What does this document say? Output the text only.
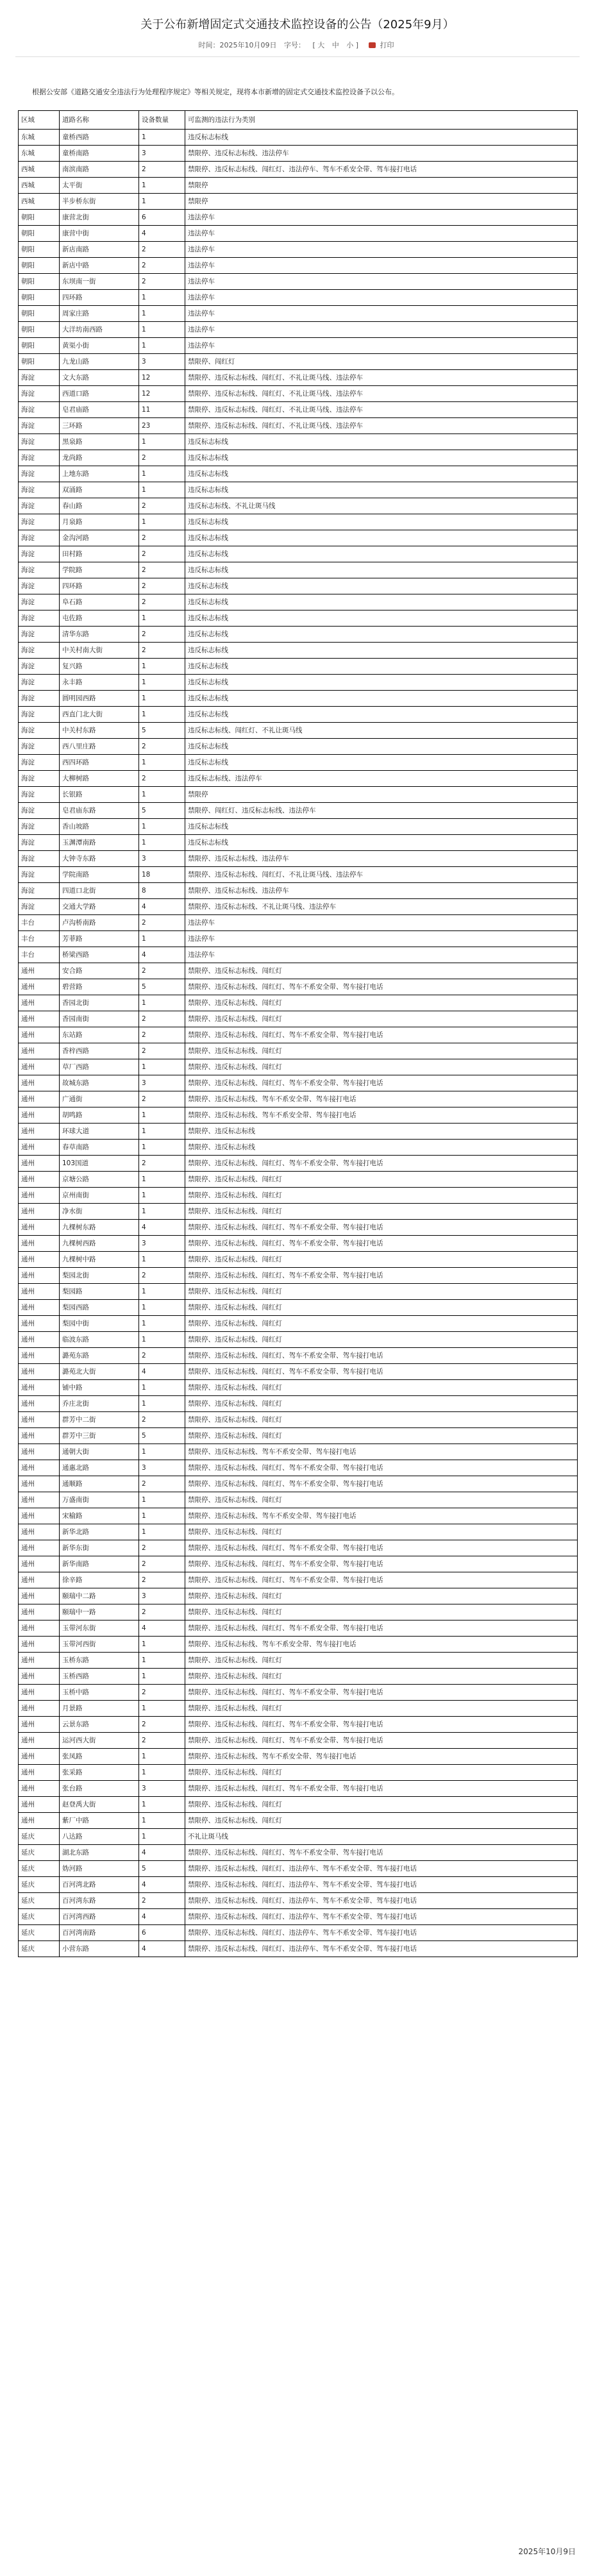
关于公布新增固定式交通技术监控设备的公告（2025年9月）
时间：2025年10月09日 字号： [ 大 中 小 ]	打印
根据公安部《道路交通安全违法行为处理程序规定》等相关规定，现将本市新增的固定式交通技术监控设备予以公布。
区域	道路名称	设备数量	可监测的违法行为类别
东城	童桥西路	1	违反标志标线
东城	童桥南路	3	禁限停、违反标志标线、违法停车
西城	南滨南路	2	禁限停、违反标志标线、闯红灯、违法停车、驾车不系安全带、驾车接打电话
西城	太平街	1	禁限停
西城	半步桥东街	1	禁限停
朝阳	康营北街	6	违法停车
朝阳	康营中街	4	违法停车
朝阳	新店南路	2	违法停车
朝阳	新店中路	2	违法停车
朝阳	东坝南一街	2	违法停车
朝阳	四环路	1	违法停车
朝阳	周家庄路	1	违法停车
朝阳	大洋坊南西路	1	违法停车
朝阳	黄渠小街	1	违法停车
朝阳	九龙山路	3	禁限停、闯红灯
海淀	文大东路	12	禁限停、违反标志标线、闯红灯、不礼让斑马线、违法停车
海淀	西道口路	12	禁限停、违反标志标线、闯红灯、不礼让斑马线、违法停车
海淀	皂君庙路	11	禁限停、违反标志标线、闯红灯、不礼让斑马线、违法停车
海淀	三环路	23	禁限停、违反标志标线、闯红灯、不礼让斑马线、违法停车
海淀	黑泉路	1	违反标志标线
海淀	龙尚路	2	违反标志标线
海淀	上地东路	1	违反标志标线
海淀	双涌路	1	违反标志标线
海淀	春山路	2	违反标志标线、不礼让斑马线
海淀	月泉路	1	违反标志标线
海淀	金沟河路	2	违反标志标线
海淀	田村路	2	违反标志标线
海淀	学院路	2	违反标志标线
海淀	四环路	2	违反标志标线
海淀	阜石路	2	违反标志标线
海淀	屯佐路	1	违反标志标线
海淀	清华东路	2	违反标志标线
海淀	中关村南大街	2	违反标志标线
海淀	复兴路	1	违反标志标线
海淀	永丰路	1	违反标志标线
海淀	圆明园西路	1	违反标志标线
海淀	西直门北大街	1	违反标志标线
海淀	中关村东路	5	违反标志标线、闯红灯、不礼让斑马线
海淀	西八里庄路	2	违反标志标线
海淀	西四环路	1	违反标志标线
海淀	大柳树路	2	违反标志标线、违法停车
海淀	长银路	1	禁限停
海淀	皂君庙东路	5	禁限停、闯红灯、违反标志标线、违法停车
海淀	香山坡路	1	违反标志标线
海淀	玉渊潭南路	1	违反标志标线
海淀	大钟寺东路	3	禁限停、违反标志标线、违法停车
海淀	学院南路	18	禁限停、违反标志标线、闯红灯、不礼让斑马线、违法停车
海淀	四道口北街	8	禁限停、违反标志标线、违法停车
海淀	交通大学路	4	禁限停、违反标志标线、不礼让斑马线、违法停车
丰台	卢沟桥南路	2	违法停车
丰台	芳菲路	1	违法停车
丰台	桥梁西路	4	违法停车
通州	安合路	2	禁限停、违反标志标线、闯红灯
通州	碧营路	5	禁限停、违反标志标线、闯红灯、驾车不系安全带、驾车接打电话
通州	香园北街	1	禁限停、违反标志标线、闯红灯
通州	香园南街	2	禁限停、违反标志标线、闯红灯
通州	东站路	2	禁限停、违反标志标线、闯红灯、驾车不系安全带、驾车接打电话
通州	香梓西路	2	禁限停、违反标志标线、闯红灯
通州	草厂西路	1	禁限停、违反标志标线、闯红灯
通州	故城东路	3	禁限停、违反标志标线、闯红灯、驾车不系安全带、驾车接打电话
通州	广通街	2	禁限停、违反标志标线、驾车不系安全带、驾车接打电话
通州	胡鸣路	1	禁限停、违反标志标线、驾车不系安全带、驾车接打电话
通州	环球大道	1	禁限停、违反标志标线
通州	春草南路	1	禁限停、违反标志标线
通州	103国道	2	禁限停、违反标志标线、闯红灯、驾车不系安全带、驾车接打电话
通州	京塘公路	1	禁限停、违反标志标线、闯红灯
通州	京州南街	1	禁限停、违反标志标线、闯红灯
通州	净水街	1	禁限停、违反标志标线、闯红灯
通州	九棵树东路	4	禁限停、违反标志标线、闯红灯、驾车不系安全带、驾车接打电话
通州	九棵树西路	3	禁限停、违反标志标线、闯红灯、驾车不系安全带、驾车接打电话
通州	九棵树中路	1	禁限停、违反标志标线、闯红灯
通州	梨园北街	2	禁限停、违反标志标线、闯红灯、驾车不系安全带、驾车接打电话
通州	梨园路	1	禁限停、违反标志标线、闯红灯
通州	梨园西路	1	禁限停、违反标志标线、闯红灯
通州	梨园中街	1	禁限停、违反标志标线、闯红灯
通州	临波东路	1	禁限停、违反标志标线、闯红灯
通州	潞苑东路	2	禁限停、违反标志标线、闯红灯、驾车不系安全带、驾车接打电话
通州	潞苑北大街	4	禁限停、违反标志标线、闯红灯、驾车不系安全带、驾车接打电话
通州	铺中路	1	禁限停、违反标志标线、闯红灯
通州	乔庄北街	1	禁限停、违反标志标线、闯红灯
通州	群芳中二街	2	禁限停、违反标志标线、闯红灯
通州	群芳中三街	5	禁限停、违反标志标线、闯红灯
通州	通朝大街	1	禁限停、违反标志标线、驾车不系安全带、驾车接打电话
通州	通惠北路	3	禁限停、违反标志标线、闯红灯、驾车不系安全带、驾车接打电话
通州	通顺路	2	禁限停、违反标志标线、闯红灯、驾车不系安全带、驾车接打电话
通州	万盛南街	1	禁限停、违反标志标线、闯红灯
通州	宋榆路	1	禁限停、违反标志标线、驾车不系安全带、驾车接打电话
通州	新华北路	1	禁限停、违反标志标线、闯红灯
通州	新华东街	2	禁限停、违反标志标线、闯红灯、驾车不系安全带、驾车接打电话
通州	新华南路	2	禁限停、违反标志标线、闯红灯、驾车不系安全带、驾车接打电话
通州	徐辛路	2	禁限停、违反标志标线、闯红灯、驾车不系安全带、驾车接打电话
通州	颐瑞中二路	3	禁限停、违反标志标线、闯红灯
通州	颐瑞中一路	2	禁限停、违反标志标线、闯红灯
通州	玉带河东街	4	禁限停、违反标志标线、闯红灯、驾车不系安全带、驾车接打电话
通州	玉带河西街	1	禁限停、违反标志标线、驾车不系安全带、驾车接打电话
通州	玉桥东路	1	禁限停、违反标志标线、闯红灯
通州	玉桥西路	1	禁限停、违反标志标线、闯红灯
通州	玉桥中路	2	禁限停、违反标志标线、闯红灯、驾车不系安全带、驾车接打电话
通州	月景路	1	禁限停、违反标志标线、闯红灯
通州	云景东路	2	禁限停、违反标志标线、闯红灯、驾车不系安全带、驾车接打电话
通州	运河西大街	2	禁限停、违反标志标线、闯红灯、驾车不系安全带、驾车接打电话
通州	张凤路	1	禁限停、违反标志标线、驾车不系安全带、驾车接打电话
通州	张采路	1	禁限停、违反标志标线、闯红灯
通州	张台路	3	禁限停、违反标志标线、闯红灯、驾车不系安全带、驾车接打电话
通州	赵登禹大街	1	禁限停、违反标志标线、闯红灯
通州	紫厂中路	1	禁限停、违反标志标线、闯红灯
延庆	八达路	1	不礼让斑马线
延庆	湖北东路	4	禁限停、违反标志标线、闯红灯、驾车不系安全带、驾车接打电话
延庆	妫河路	5	禁限停、违反标志标线、闯红灯、违法停车、驾车不系安全带、驾车接打电话
延庆	百河湾北路	4	禁限停、违反标志标线、闯红灯、违法停车、驾车不系安全带、驾车接打电话
延庆	百河湾东路	2	禁限停、违反标志标线、闯红灯、违法停车、驾车不系安全带、驾车接打电话
延庆	百河湾西路	4	禁限停、违反标志标线、闯红灯、违法停车、驾车不系安全带、驾车接打电话
延庆	百河湾南路	6	禁限停、违反标志标线、闯红灯、违法停车、驾车不系安全带、驾车接打电话
延庆	小营东路	4	禁限停、违反标志标线、闯红灯、违法停车、驾车不系安全带、驾车接打电话
2025年10月9日
